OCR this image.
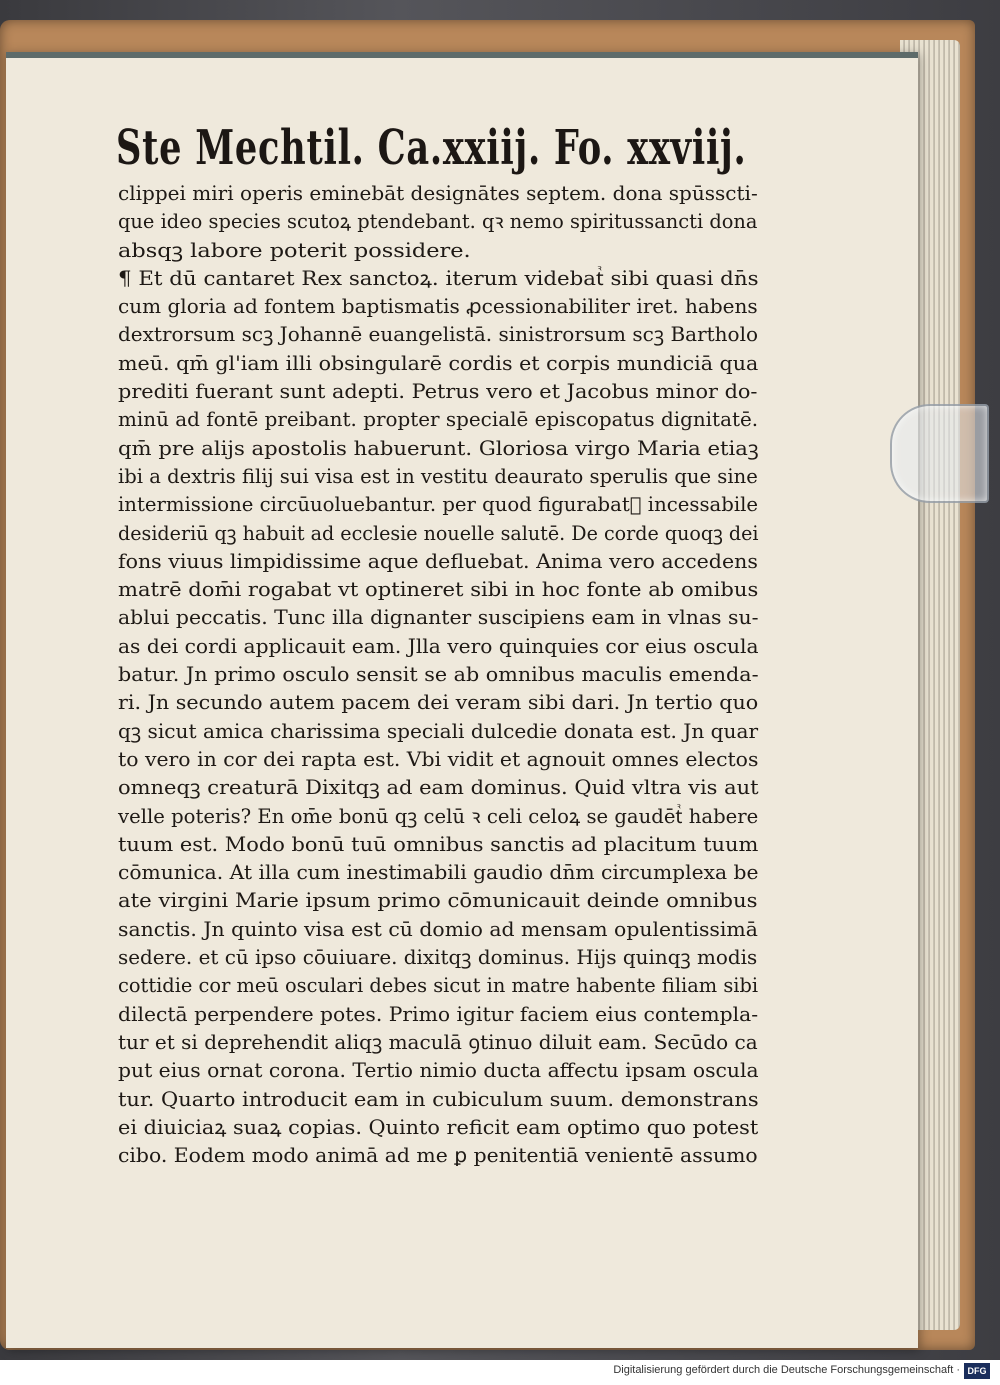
Ste Mechtil. Ca.xxiij. Fo. xxviij.
clippei miri operis eminebāt designātes septem. dona spūsscti-
que ideo species scutoꝝ ptendebant. qꝛ nemo spiritussancti dona
absqꝫ labore poterit possidere.
¶ Et dū cantaret Rex sanctoꝝ. iterum videbatᷣ sibi quasi dn̄s
cum gloria ad fontem baptismatis ꝓcessionabiliter iret. habens
dextrorsum scꝫ Johannē euangelistā. sinistrorsum scꝫ Bartholo
meū. qm̄ gl'iam illi obsingularē cordis et corpis mundiciā qua
prediti fuerant sunt adepti. Petrus vero et Jacobus minor do-
minū ad fontē preibant. propter specialē episcopatus dignitatē.
qm̄ pre alijs apostolis habuerunt. Gloriosa virgo Maria etiaꝫ
ibi a dextris filij sui visa est in vestitu deaurato sperulis que sine
intermissione circūuoluebantur. per quod figurabatᷣ incessabile
desideriū qꝫ habuit ad ecclesie nouelle salutē. De corde quoqꝫ dei
fons viuus limpidissime aque defluebat. Anima vero accedens
matrē dom̄i rogabat vt optineret sibi in hoc fonte ab omibus
ablui peccatis. Tunc illa dignanter suscipiens eam in vlnas su-
as dei cordi applicauit eam. Jlla vero quinquies cor eius oscula
batur. Jn primo osculo sensit se ab omnibus maculis emenda-
ri. Jn secundo autem pacem dei veram sibi dari. Jn tertio quo
qꝫ sicut amica charissima speciali dulcedie donata est. Jn quar
to vero in cor dei rapta est. Vbi vidit et agnouit omnes electos
omneqꝫ creaturā Dixitqꝫ ad eam dominus. Quid vltra vis aut
velle poteris? En om̄e bonū qꝫ celū ꝛ celi celoꝝ se gaudētᷣ habere
tuum est. Modo bonū tuū omnibus sanctis ad placitum tuum
cōmunica. At illa cum inestimabili gaudio dn̄m circumplexa be
ate virgini Marie ipsum primo cōmunicauit deinde omnibus
sanctis. Jn quinto visa est cū domio ad mensam opulentissimā
sedere. et cū ipso cōuiuare. dixitqꝫ dominus. Hijs quinqꝫ modis
cottidie cor meū osculari debes sicut in matre habente filiam sibi
dilectā perpendere potes. Primo igitur faciem eius contempla-
tur et si deprehendit aliqꝫ maculā ꝯtinuo diluit eam. Secūdo ca
put eius ornat corona. Tertio nimio ducta affectu ipsam oscula
tur. Quarto introducit eam in cubiculum suum. demonstrans
ei diuiciaꝝ suaꝝ copias. Quinto reficit eam optimo quo potest
cibo. Eodem modo animā ad me ꝑ penitentiā venientē assumo
Digitalisierung gefördert durch die Deutsche Forschungsgemeinschaft · DFG
